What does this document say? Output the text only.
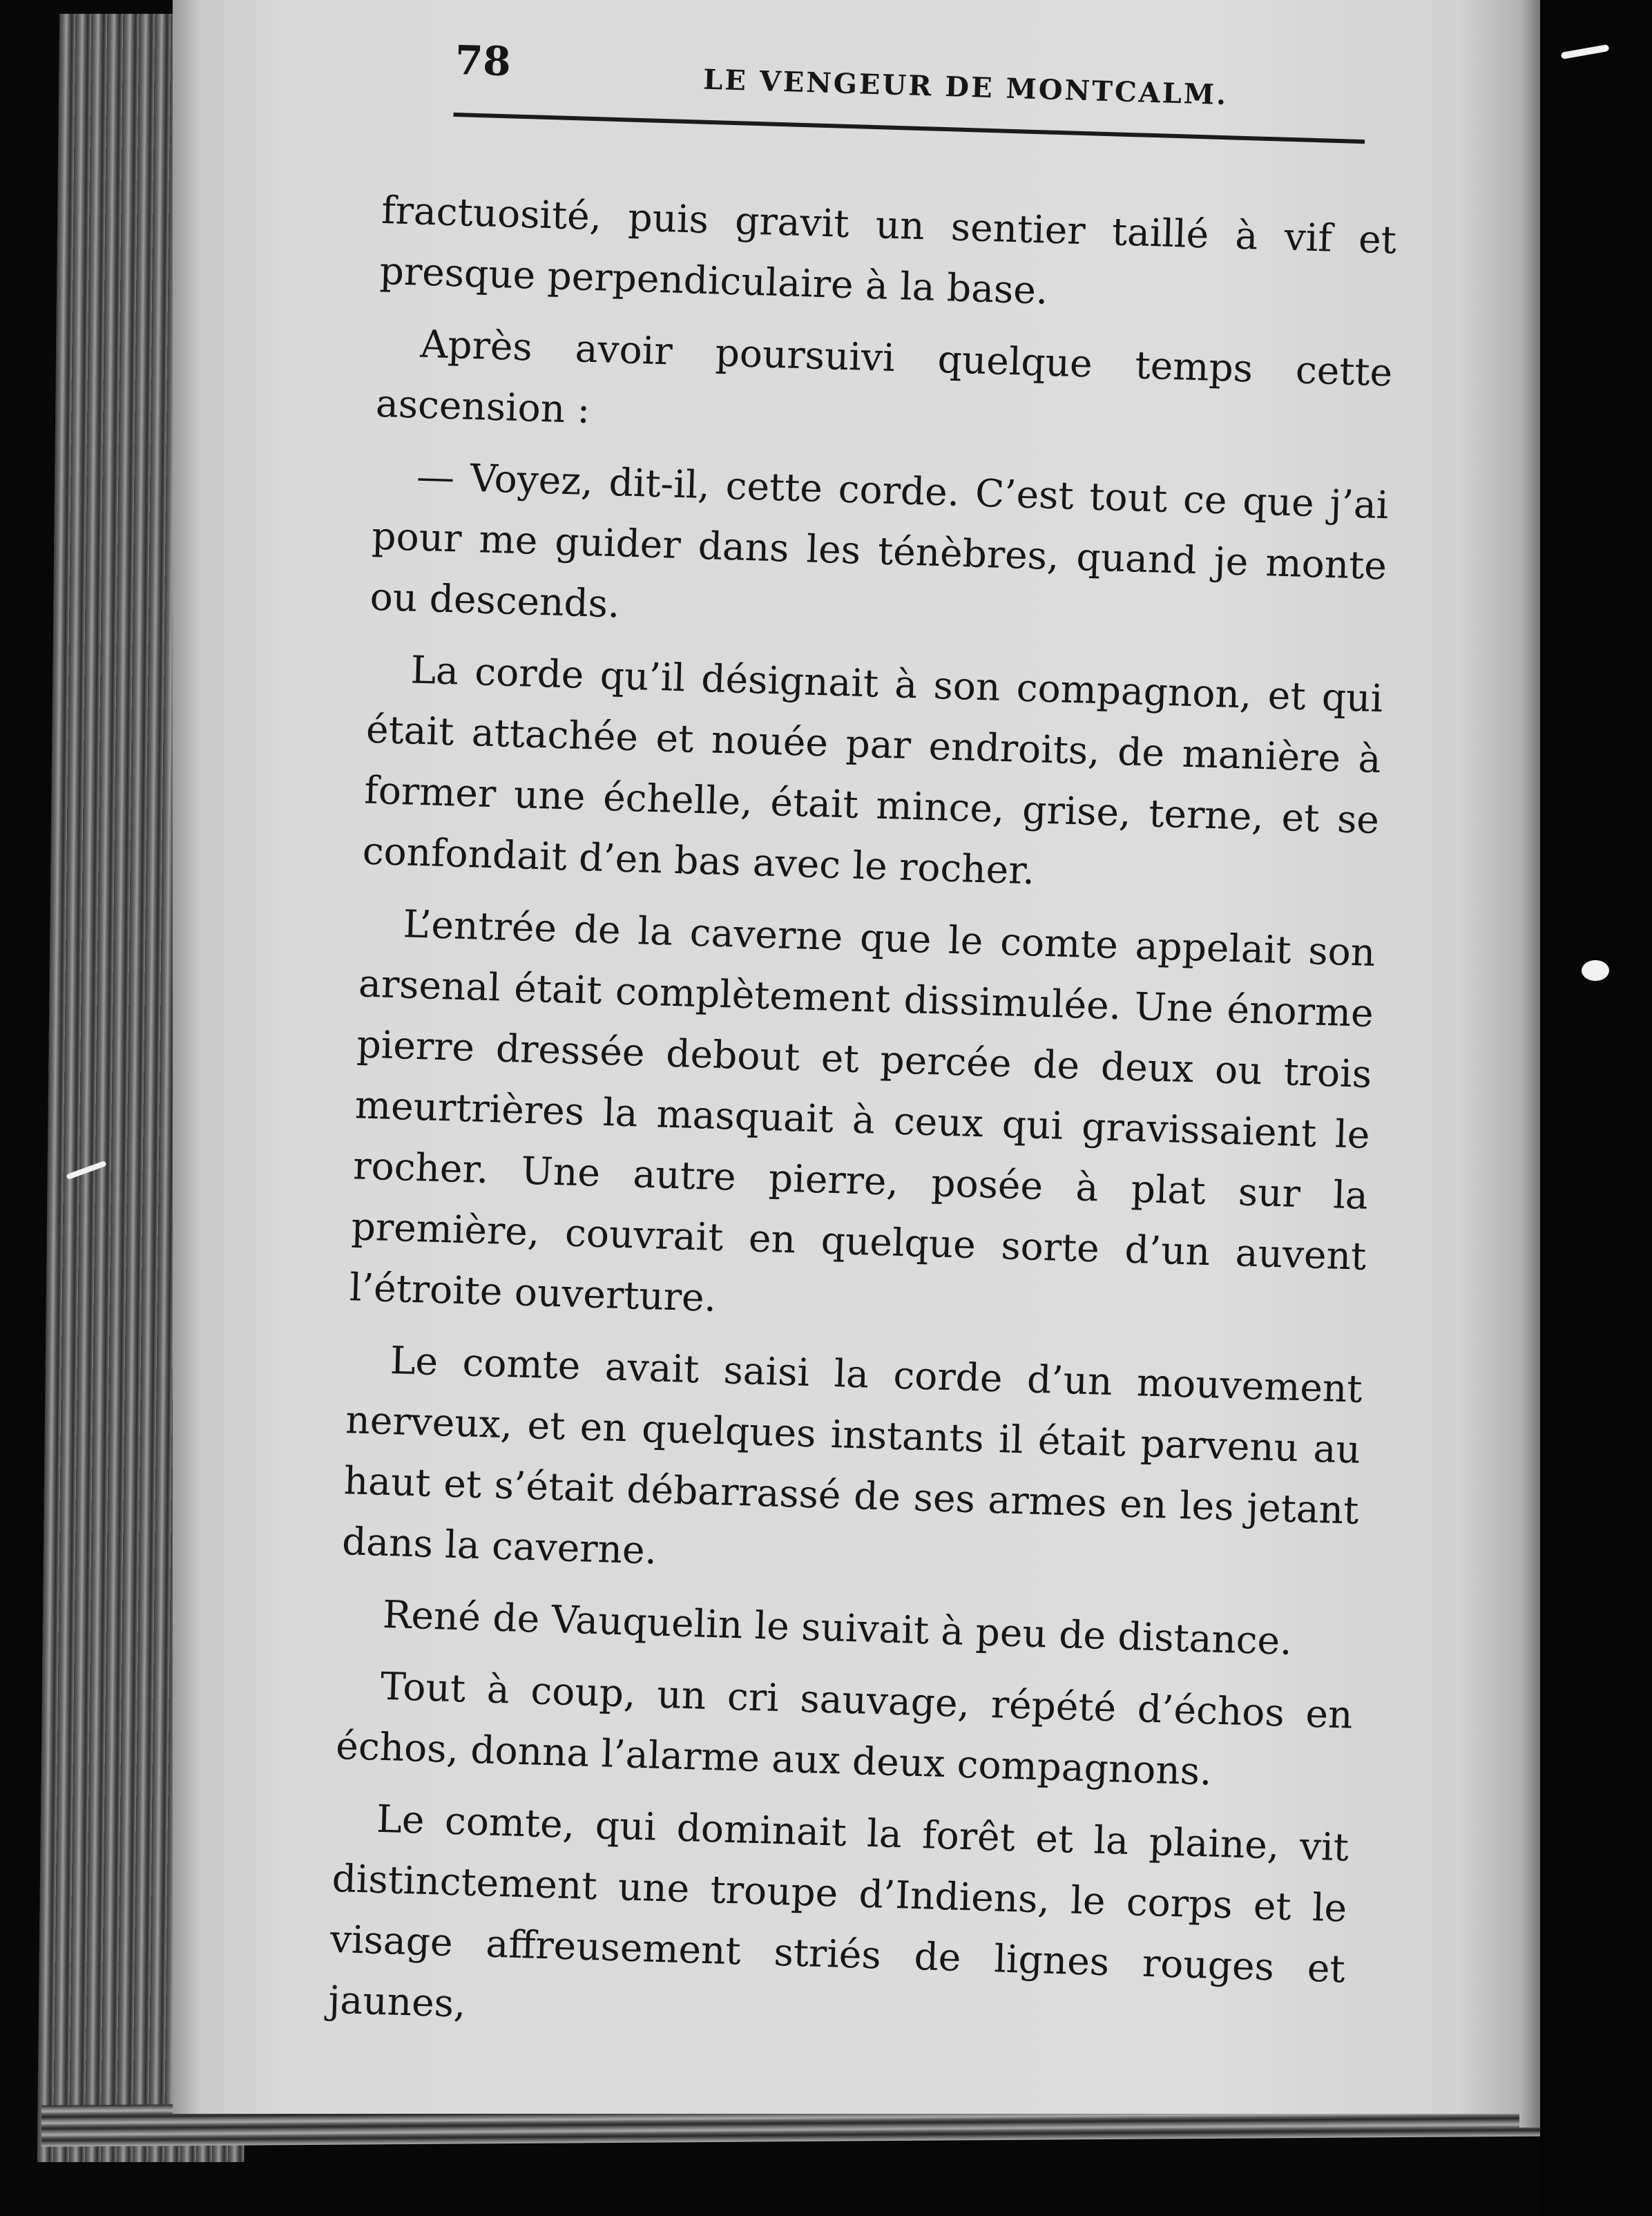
78
LE VENGEUR DE MONTCALM.

fractuosité, puis gravit un sentier taillé à vif et presque perpendiculaire à la base.

Après avoir poursuivi quelque temps cette ascension :

— Voyez, dit-il, cette corde. C’est tout ce que j’ai pour me guider dans les ténèbres, quand je monte ou descends.

La corde qu’il désignait à son compagnon, et qui était attachée et nouée par endroits, de manière à former une échelle, était mince, grise, terne, et se confondait d’en bas avec le rocher.

L’entrée de la caverne que le comte appelait son arsenal était complètement dissimulée. Une énorme pierre dressée debout et percée de deux ou trois meurtrières la masquait à ceux qui gravissaient le rocher. Une autre pierre, posée à plat sur la première, couvrait en quelque sorte d’un auvent l’étroite ouverture.

Le comte avait saisi la corde d’un mouvement nerveux, et en quelques instants il était parvenu au haut et s’était débarrassé de ses armes en les jetant dans la caverne.

René de Vauquelin le suivait à peu de distance.

Tout à coup, un cri sauvage, répété d’échos en échos, donna l’alarme aux deux compagnons.

Le comte, qui dominait la forêt et la plaine, vit distinctement une troupe d’Indiens, le corps et le visage affreusement striés de lignes rouges et jaunes,
